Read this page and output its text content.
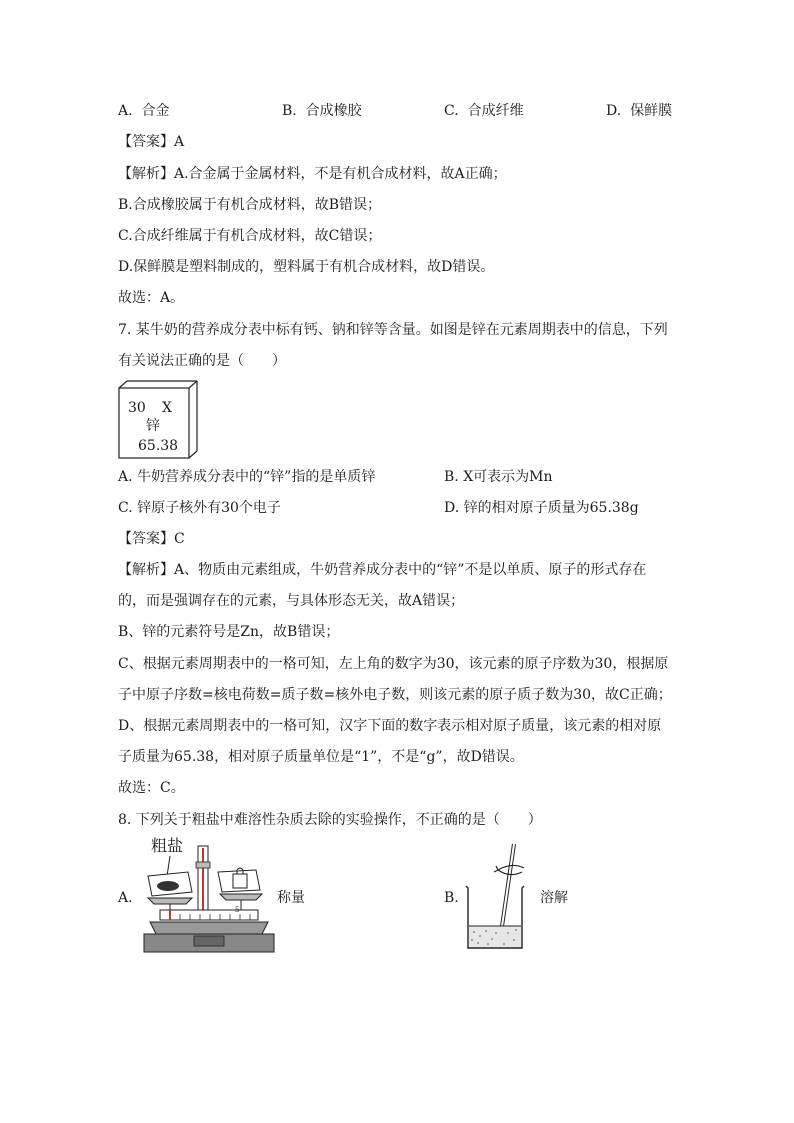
A. 合金	B. 合成橡胶	C. 合成纤维	D. 保鲜膜
【答案】A
【解析】A.合金属于金属材料，不是有机合成材料，故A正确；
B.合成橡胶属于有机合成材料，故B错误；
C.合成纤维属于有机合成材料，故C错误；
D.保鲜膜是塑料制成的，塑料属于有机合成材料，故D错误。
故选：A。
7. 某牛奶的营养成分表中标有钙、钠和锌等含量。如图是锌在元素周期表中的信息，下列
有关说法正确的是（　　）
30 X
锌
65.38
A. 牛奶营养成分表中的“锌”指的是单质锌	B. X可表示为Mn
C. 锌原子核外有30个电子	D. 锌的相对原子质量为65.38g
【答案】C
【解析】A、物质由元素组成，牛奶营养成分表中的“锌”不是以单质、原子的形式存在
的，而是强调存在的元素，与具体形态无关，故A错误；
B、锌的元素符号是Zn，故B错误；
C、根据元素周期表中的一格可知，左上角的数字为30，该元素的原子序数为30，根据原
子中原子序数=核电荷数=质子数=核外电子数，则该元素的原子质子数为30，故C正确；
D、根据元素周期表中的一格可知，汉字下面的数字表示相对原子质量，该元素的相对原
子质量为65.38，相对原子质量单位是“1”，不是“g”，故D错误。
故选：C。
8. 下列关于粗盐中难溶性杂质去除的实验操作，不正确的是（　　）
A.
粗盐
5
称量	B.	溶解
